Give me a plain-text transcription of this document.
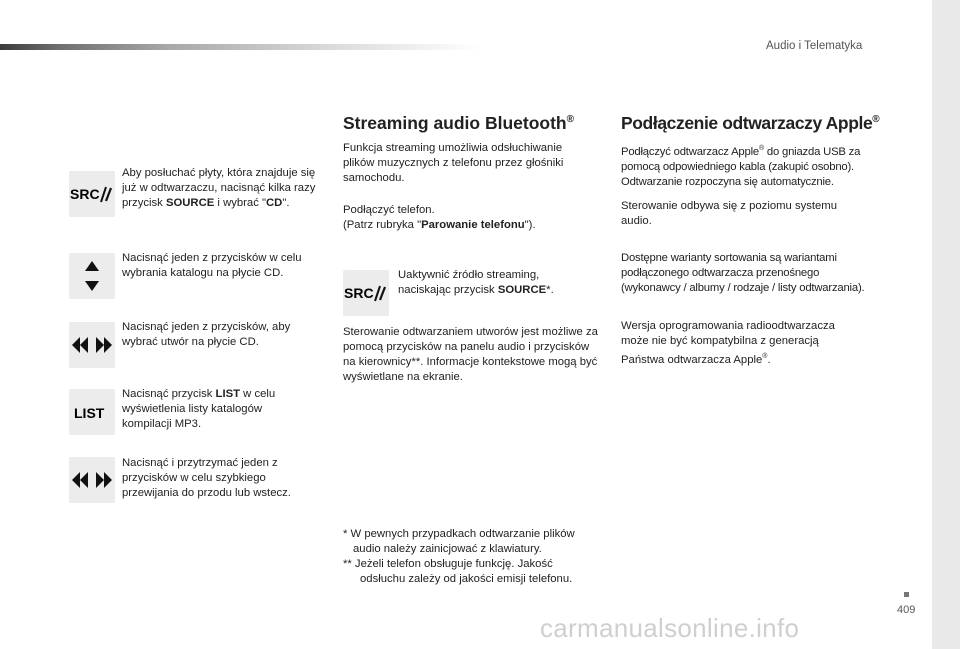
Audio i Telematyka
SRC
Aby posłuchać płyty, która znajduje się już w odtwarzaczu, nacisnąć kilka razy przycisk SOURCE i wybrać "CD".
Nacisnąć jeden z przycisków w celu wybrania katalogu na płycie CD.
Nacisnąć jeden z przycisków, aby wybrać utwór na płycie CD.
LIST
Nacisnąć przycisk LIST w celu wyświetlenia listy katalogów kompilacji MP3.
Nacisnąć i przytrzymać jeden z przycisków w celu szybkiego przewijania do przodu lub wstecz.
Streaming audio Bluetooth®
Funkcja streaming umożliwia odsłuchiwanie plików muzycznych z telefonu przez głośniki samochodu.
Podłączyć telefon.
(Patrz rubryka "Parowanie telefonu").
SRC
Uaktywnić źródło streaming, naciskając przycisk SOURCE*.
Sterowanie odtwarzaniem utworów jest możliwe za pomocą przycisków na panelu audio i przycisków na kierownicy**. Informacje kontekstowe mogą być wyświetlane na ekranie.
* W pewnych przypadkach odtwarzanie plików
audio należy zainicjować z klawiatury.
** Jeżeli telefon obsługuje funkcję. Jakość
odsłuchu zależy od jakości emisji telefonu.
Podłączenie odtwarzaczy Apple®
Podłączyć odtwarzacz Apple® do gniazda USB za pomocą odpowiedniego kabla (zakupić osobno).
Odtwarzanie rozpoczyna się automatycznie.
Sterowanie odbywa się z poziomu systemu audio.
Dostępne warianty sortowania są wariantami podłączonego odtwarzacza przenośnego (wykonawcy / albumy / rodzaje / listy odtwarzania).
Wersja oprogramowania radioodtwarzacza może nie być kompatybilna z generacją Państwa odtwarzacza Apple®.
409
carmanualsonline.info
